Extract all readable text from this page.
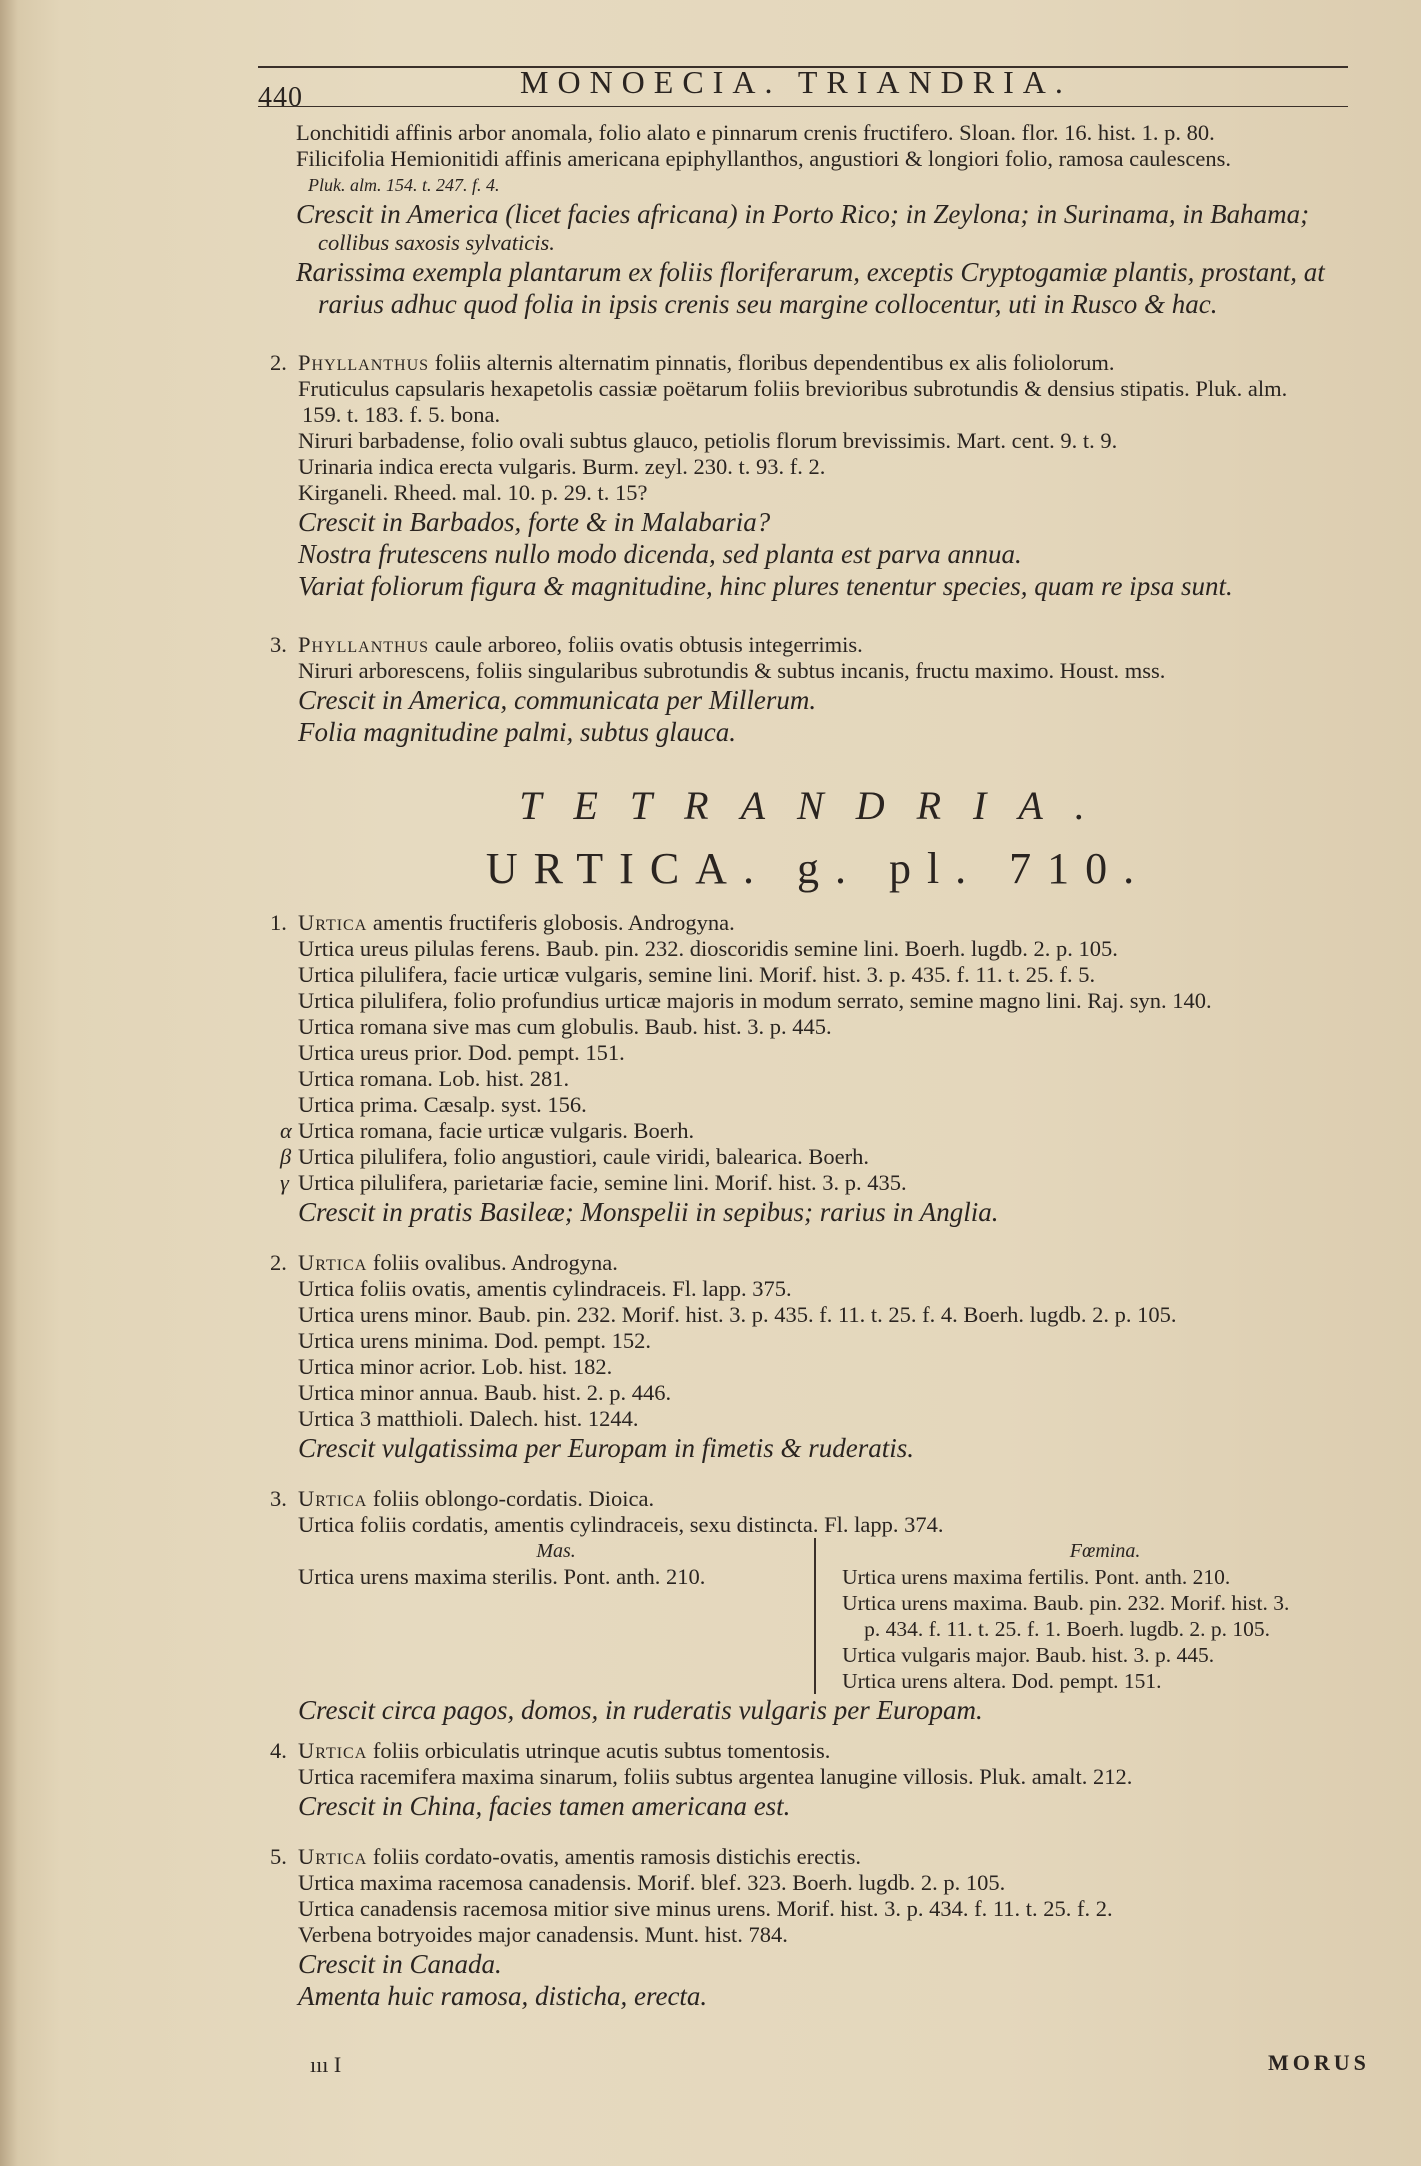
440	MONOECIA. TRIANDRIA.
Lonchitidi affinis arbor anomala, folio alato e pinnarum crenis fructifero. Sloan. flor. 16. hist. 1. p. 80.
Filicifolia Hemionitidi affinis americana epiphyllanthos, angustiori & longiori folio, ramosa caulescens.
Pluk. alm. 154. t. 247. f. 4.
Crescit in America (licet facies africana) in Porto Rico; in Zeylona; in Surinama, in Bahama;
collibus saxosis sylvaticis.
Rarissima exempla plantarum ex foliis floriferarum, exceptis Cryptogamiæ plantis, prostant, at
rarius adhuc quod folia in ipsis crenis seu margine collocentur, uti in Rusco & hac.
2. Phyllanthus foliis alternis alternatim pinnatis, floribus dependentibus ex alis foliolorum.
Fruticulus capsularis hexapetolis cassiæ poëtarum foliis brevioribus subrotundis & densius stipatis. Pluk. alm.
159. t. 183. f. 5. bona.
Niruri barbadense, folio ovali subtus glauco, petiolis florum brevissimis. Mart. cent. 9. t. 9.
Urinaria indica erecta vulgaris. Burm. zeyl. 230. t. 93. f. 2.
Kirganeli. Rheed. mal. 10. p. 29. t. 15?
Crescit in Barbados, forte & in Malabaria?
Nostra frutescens nullo modo dicenda, sed planta est parva annua.
Variat foliorum figura & magnitudine, hinc plures tenentur species, quam re ipsa sunt.
3. Phyllanthus caule arboreo, foliis ovatis obtusis integerrimis.
Niruri arborescens, foliis singularibus subrotundis & subtus incanis, fructu maximo. Houst. mss.
Crescit in America, communicata per Millerum.
Folia magnitudine palmi, subtus glauca.
TETRANDRIA.
URTICA. g. pl. 710.
1. Urtica amentis fructiferis globosis. Androgyna.
Urtica ureus pilulas ferens. Baub. pin. 232. dioscoridis semine lini. Boerh. lugdb. 2. p. 105.
Urtica pilulifera, facie urticæ vulgaris, semine lini. Morif. hist. 3. p. 435. f. 11. t. 25. f. 5.
Urtica pilulifera, folio profundius urticæ majoris in modum serrato, semine magno lini. Raj. syn. 140.
Urtica romana sive mas cum globulis. Baub. hist. 3. p. 445.
Urtica ureus prior. Dod. pempt. 151.
Urtica romana. Lob. hist. 281.
Urtica prima. Cæsalp. syst. 156.
α Urtica romana, facie urticæ vulgaris. Boerh.
β Urtica pilulifera, folio angustiori, caule viridi, balearica. Boerh.
γ Urtica pilulifera, parietariæ facie, semine lini. Morif. hist. 3. p. 435.
Crescit in pratis Basileæ; Monspelii in sepibus; rarius in Anglia.
2. Urtica foliis ovalibus. Androgyna.
Urtica foliis ovatis, amentis cylindraceis. Fl. lapp. 375.
Urtica urens minor. Baub. pin. 232. Morif. hist. 3. p. 435. f. 11. t. 25. f. 4. Boerh. lugdb. 2. p. 105.
Urtica urens minima. Dod. pempt. 152.
Urtica minor acrior. Lob. hist. 182.
Urtica minor annua. Baub. hist. 2. p. 446.
Urtica 3 matthioli. Dalech. hist. 1244.
Crescit vulgatissima per Europam in fimetis & ruderatis.
3. Urtica foliis oblongo-cordatis. Dioica.
Urtica foliis cordatis, amentis cylindraceis, sexu distincta. Fl. lapp. 374.
Mas.
Urtica urens maxima sterilis. Pont. anth. 210.
Fœmina.
Urtica urens maxima fertilis. Pont. anth. 210.
Urtica urens maxima. Baub. pin. 232. Morif. hist. 3.
p. 434. f. 11. t. 25. f. 1. Boerh. lugdb. 2. p. 105.
Urtica vulgaris major. Baub. hist. 3. p. 445.
Urtica urens altera. Dod. pempt. 151.
Crescit circa pagos, domos, in ruderatis vulgaris per Europam.
4. Urtica foliis orbiculatis utrinque acutis subtus tomentosis.
Urtica racemifera maxima sinarum, foliis subtus argentea lanugine villosis. Pluk. amalt. 212.
Crescit in China, facies tamen americana est.
5. Urtica foliis cordato-ovatis, amentis ramosis distichis erectis.
Urtica maxima racemosa canadensis. Morif. blef. 323. Boerh. lugdb. 2. p. 105.
Urtica canadensis racemosa mitior sive minus urens. Morif. hist. 3. p. 434. f. 11. t. 25. f. 2.
Verbena botryoides major canadensis. Munt. hist. 784.
Crescit in Canada.
Amenta huic ramosa, disticha, erecta.
ııı I	MORUS
